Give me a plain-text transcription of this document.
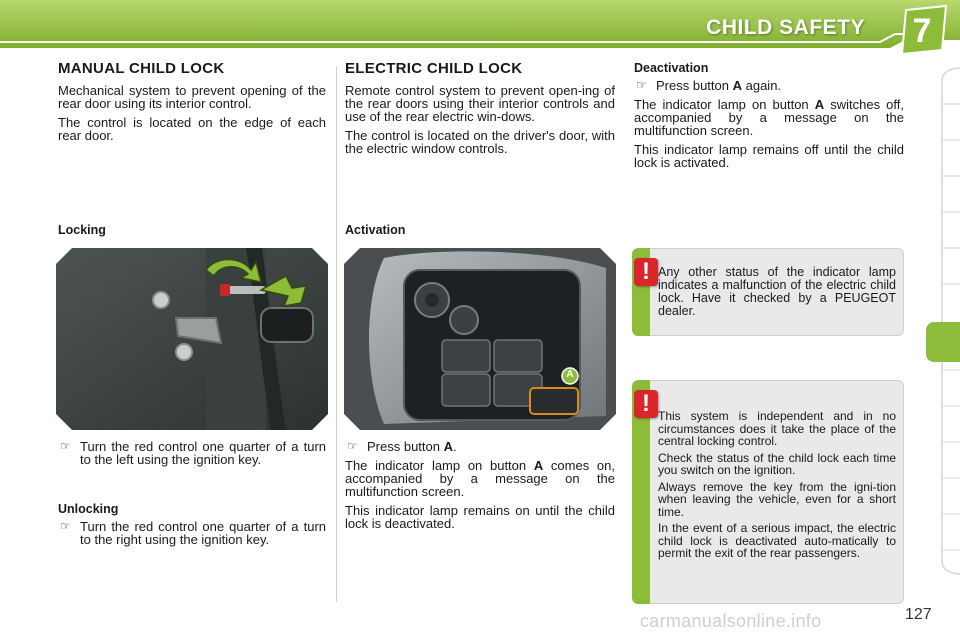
CHILD SAFETY 7
MANUAL CHILD LOCK

Mechanical system to prevent opening of the rear door using its interior control.

The control is located on the edge of each rear door.

Locking

☞ Turn the red control one quarter of a turn to the left using the ignition key.

Unlocking

☞ Turn the red control one quarter of a turn to the right using the ignition key.

ELECTRIC CHILD LOCK

Remote control system to prevent open-ing of the rear doors using their interior controls and use of the rear electric win-dows.

The control is located on the driver's door, with the electric window controls.

Activation
A

☞ Press button A.

The indicator lamp on button A comes on, accompanied by a message on the multifunction screen.

This indicator lamp remains on until the child lock is deactivated.

Deactivation

☞ Press button A again.

The indicator lamp on button A switches off, accompanied by a message on the multifunction screen.

This indicator lamp remains off until the child lock is activated.

! Any other status of the indicator lamp indicates a malfunction of the electric child lock. Have it checked by a PEUGEOT dealer.
! This system is independent and in no circumstances does it take the place of the central locking control.

Check the status of the child lock each time you switch on the ignition.

Always remove the key from the igni-tion when leaving the vehicle, even for a short time.

In the event of a serious impact, the electric child lock is deactivated auto-matically to permit the exit of the rear passengers.

127
carmanualsonline.info
